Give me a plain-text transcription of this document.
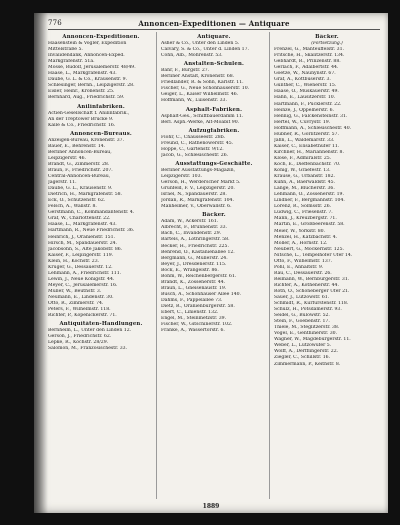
776	Annoncen-Expeditionen — Antiquare
Annoncen-Expeditionen.
Haasenstein & Vogler, Expedition
Mittelstraße 5.
Invalidendank, Annoncen-Exped.
Markgrafenstr. 51a.
Mosse, Rudolf, Jerusalemerstr. 48/49.
Haase, L., Markgrafenstr. 43.
Daube, G. L. & Co., Krausenstr. 9.
Schlesinger, Bernh., Leipzigerstr. 28.
Eisler, Heinr., Kronenstr. 25.
Bernhard, Aug., Friedrichstr. 59.
Anilinfabriken.
Actien-Gesellschaft f. Anilinfabrik.,
An der Treptower Brücke 9.
Kalle & Co., Friedrichstr. 16.
Annoncen-Bureaus.
Anzeigen-Bureau, Kronenstr. 37.
Bauer, E., Behrenstr. 14.
Berliner Annoncen-Bureau,
Leipzigerstr. 46.
Brandt, G., Zimmerstr. 28.
Braun, F., Friedrichstr. 207.
Central-Annoncen-Bureau,
Jägerstr. 11.
Daube, G. L., Krausenstr. 9.
Dietrich, H., Markgrafenstr. 58.
Eck, O., Schützenstr. 62.
Felsch, A., Wallstr. 8.
Gerstmann, C., Kommandantenstr. 4.
Graf, W., Charlottenstr. 22.
Haase, L., Markgrafenstr. 43.
Hartmann, R., Neue Friedrichstr. 36.
Heinrich, J., Oranienstr. 151.
Hirsch, M., Spandauerstr. 24.
Jacobsohn, S., Alte Jakobstr. 86.
Kaiser, F., Leipzigerstr. 119.
Klein, H., Kochstr. 23.
Krüger, G., Dessauerstr. 12.
Lehmann, A., Friedrichstr. 111.
Lewin, J., Neue Königstr. 44.
Meyer, C., Jerusalemerstr. 16.
Müller, W., Beuthstr. 3.
Neumann, E., Lindenstr. 30.
Otto, R., Zimmerstr. 74.
Peters, F., Wilhelmstr. 118.
Richter, P., Köpenickerstr. 71.
Antiquitäten-Handlungen.
Bernheim, L., Unter den Linden 12.
Gerson, J., Friedrichstr. 62.
Lepke, R., Kochstr. 28/29.
Salomon, M., Französischestr. 33.
Antiquare.
Asher & Co., Unter den Linden 5.
Calvary, S. & Co., Unter d. Linden 17.
Cohn, Alb., Mohrenstr. 53.
Anstalten-Schulen.
Bahr, F., Burgstr. 27.
Berliner Anstalt, Kronenstr. 68.
Friedländer, R. & Sohn, Karlstr. 11.
Fischer, G., Neue Schönhauserstr. 10.
Geiger, L., Kaiser Wilhelmstr. 46.
Hoffmann, W., Luisenstr. 33.
Asphalt-Fabriken.
Asphalt-Ges., Schiffbauerdamm 11.
Berl. Asph.-Werke, Alt-Moabit 90.
Aufzugfabriken.
Flohr, C., Chausseestr. 28b.
Freund, C., Rathenowerstr. 45.
Hoppe, C., Gartenstr. 9/12.
Jacob, G., Schlesischestr. 26.
Ausstattungs-Geschäfte.
Berliner Ausstattungs-Magazin,
Leipzigerstr. 103.
Gerson, H., Werderscher Markt 5.
Grünfeld, F. V., Leipzigerstr. 20.
Israel, N., Spandauerstr. 28.
Jordan, R., Markgrafenstr. 104.
Manheimer, V., Oberwallstr. 6.
Bäcker.
Adam, W., Ackerstr. 161.
Albrecht, F., Brunnenstr. 33.
Bach, C., Invalidenstr. 29.
Bartels, A., Lothringerstr. 58.
Becker, H., Friedrichstr. 225.
Behrend, O., Kastanienallee 12.
Bergmann, G., Müllerstr. 24.
Beyer, J., Dresdenerstr. 115.
Bock, E., Wrangelstr. 86.
Böhm, W., Reichenbergerstr. 61.
Brandt, K., Zossenerstr. 44.
Braun, L., Gneisenaustr. 19.
Busch, A., Schönhauser Allee 140.
Dahms, F., Pappelallee 73.
Dietz, R., Oranienburgerstr. 58.
Ebert, C., Linienstr. 132.
Engel, M., Steinmetzstr. 39.
Fischer, W., Gitschinerstr. 102.
Franke, A., Wassertorstr. 6.
Bäcker.
(Fortsetzung.)
Frenzel, G., Manteuffelstr. 31.
Fritsche, H., Skalitzerstr. 134.
Gebhardt, R., Prinzenstr. 88.
Gerlach, F., Adalbertstr. 44.
Goetze, W., Naunynstr. 67.
Graf, A., Kottbuserstr. 3.
Günther, C., Wienerstr. 15.
Haase, O., Muskauerstr. 49.
Hahn, E., Lausitzerstr. 10.
Hartmann, F., Pücklerstr. 22.
Heinze, J., Oppelnerstr. 6.
Hennig, G., Falckensteinstr. 31.
Hertel, W., Cuvrystr. 19.
Hoffmann, A., Schlesischestr. 40.
Hübner, R., Görlitzerstr. 57.
Jahn, L., Waldemarstr. 33.
Kaiser, C., Elisabethufer 11.
Kirchner, H., Mariannenstr. 8.
Klose, F., Admiralstr. 25.
Koch, E., Dieffenbachstr. 70.
König, W., Graefestr. 13.
Krause, G., Urbanstr. 182.
Kühn, A., Baerwaldstr. 45.
Lange, M., Blücherstr. 36.
Lehmann, O., Zossenerstr. 19.
Lindner, F., Bergmannstr. 104.
Lorenz, R., Solmsstr. 26.
Ludwig, C., Friesenstr. 7.
Mann, J., Kreuzbergstr. 71.
Martin, E., Großbeerenstr. 58.
Meier, W., Yorkstr. 80.
Menzel, H., Katzbachstr. 4.
Möller, A., Hornstr. 12.
Neubert, G., Möckernstr. 125.
Nitsche, L., Tempelhofer Ufer 14.
Otto, F., Wilhelmstr. 137.
Pohl, E., Anhaltstr. 9.
Rau, C., Dessauerstr. 26.
Reimann, W., Bernburgerstr. 31.
Richter, A., Köthenerstr. 44.
Roth, O., Schöneberger Ufer 21.
Sauer, J., Lützowstr. 61.
Schmidt, R., Kurfürstenstr. 118.
Schulz, H., Potsdamerstr. 93.
Seidel, G., Bülowstr. 52.
Stein, F., Goebenstr. 17.
Thiele, M., Steglitzerstr. 38.
Vogel, E., Genthinerstr. 30.
Wagner, W., Magdeburgerstr. 11.
Weber, L., Lützowufer 5.
Wolff, A., Derfflingerstr. 22.
Ziegler, C., Schillstr. 16.
Zimmermann, P., Keithstr. 8.
1889
